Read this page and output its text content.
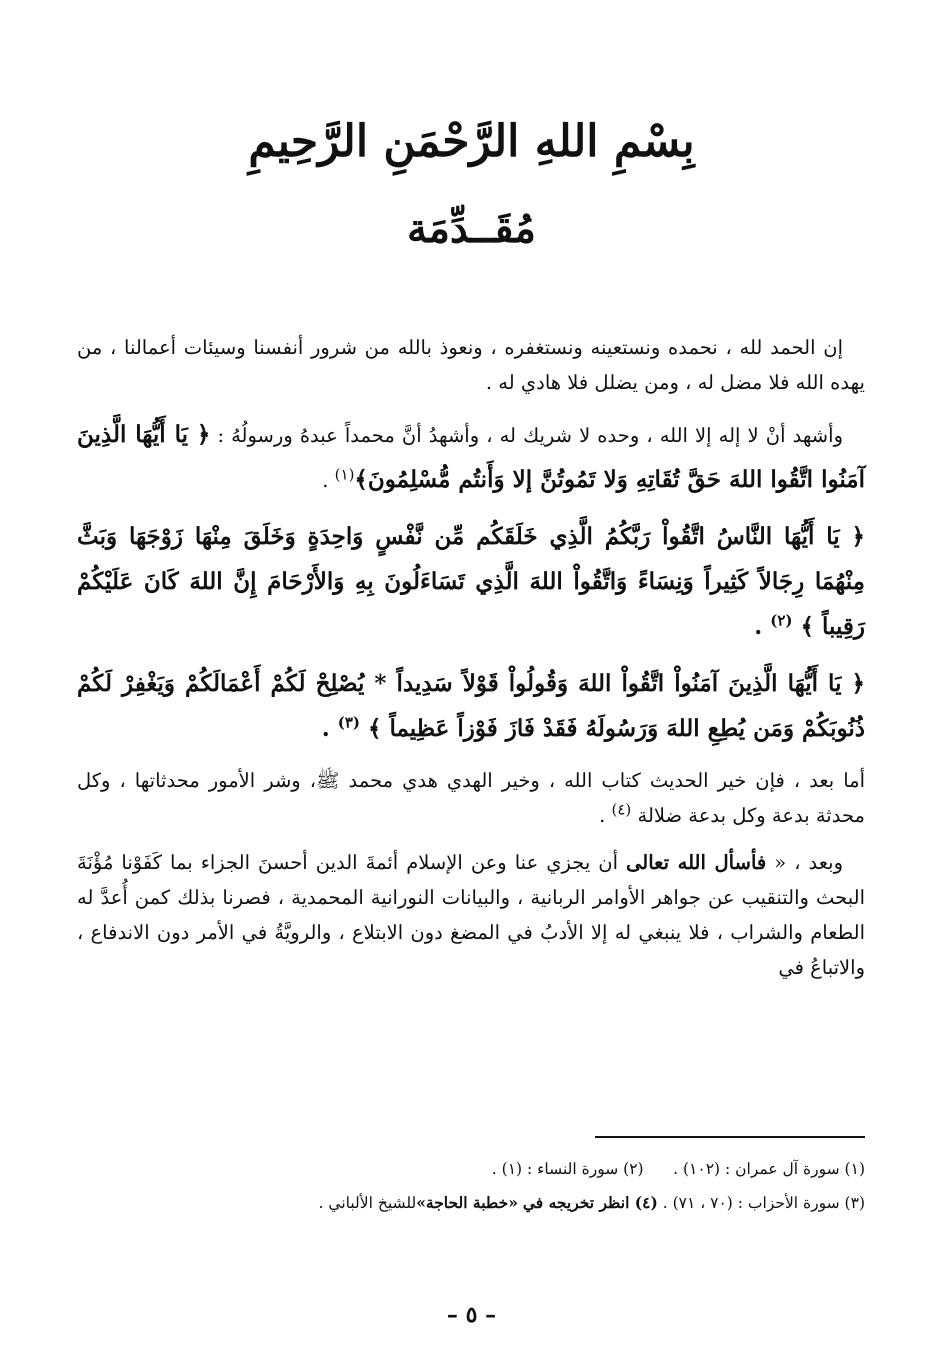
بِسْمِ اللهِ الرَّحْمَنِ الرَّحِيمِ
مُقَــدِّمَة

إن الحمد لله ، نحمده ونستعينه ونستغفره ، ونعوذ بالله من شرور أنفسنا وسيئات أعمالنا ، من يهده الله فلا مضل له ، ومن يضلل فلا هادي له .

وأشهد أنْ لا إله إلا الله ، وحده لا شريك له ، وأشهدُ أنَّ محمداً عبدهُ ورسولُهُ : ﴿ يَا أَيُّهَا الَّذِينَ آمَنُوا اتَّقُوا اللهَ حَقَّ تُقَاتِهِ وَلا تَمُوتُنَّ إلا وَأَنتُم مُّسْلِمُونَ﴾$^{(١)}$ .

﴿ يَا أَيُّهَا النَّاسُ اتَّقُواْ رَبَّكُمُ الَّذِي خَلَقَكُم مِّن نَّفْسٍ وَاحِدَةٍ وَخَلَقَ مِنْهَا زَوْجَهَا وَبَثَّ مِنْهُمَا رِجَالاً كَثِيراً وَنِسَاءً وَاتَّقُواْ اللهَ الَّذِي تَسَاءَلُونَ بِهِ وَالأَرْحَامَ إِنَّ اللهَ كَانَ عَلَيْكُمْ رَقِيباً ﴾ $^{(٢)}$ .

﴿ يَا أَيُّهَا الَّذِينَ آمَنُواْ اتَّقُواْ اللهَ وَقُولُواْ قَوْلاً سَدِيداً * يُصْلِحْ لَكُمْ أَعْمَالَكُمْ وَيَغْفِرْ لَكُمْ ذُنُوبَكُمْ وَمَن يُطِعِ اللهَ وَرَسُولَهُ فَقَدْ فَازَ فَوْزاً عَظِيماً ﴾ $^{(٣)}$ .

أما بعد ، فإن خير الحديث كتاب الله ، وخير الهدي هدي محمد ﷺ، وشر الأمور محدثاتها ، وكل محدثة بدعة وكل بدعة ضلالة $^{(٤)}$ .

وبعد ، « فأسأل الله تعالى أن يجزي عنا وعن الإسلام أئمةَ الدين أحسنَ الجزاء بما كَفَوْنا مُؤْنَةَ البحث والتنقيب عن جواهر الأوامر الربانية ، والبيانات النورانية المحمدية ، فصرنا بذلك كمن أُعدَّ له الطعام والشراب ، فلا ينبغي له إلا الأدبُ في المضغ دون الابتلاع ، والرويَّةُ في الأمر دون الاندفاع ، والاتباعُ في

(١) سورة آل عمران : (١٠٢) .      (٢) سورة النساء : (١) .
(٣) سورة الأحزاب : (٧٠ ، ٧١) . (٤) انظر تخريجه في «خطبة الحاجة»للشيخ الألباني .
– ٥ –
